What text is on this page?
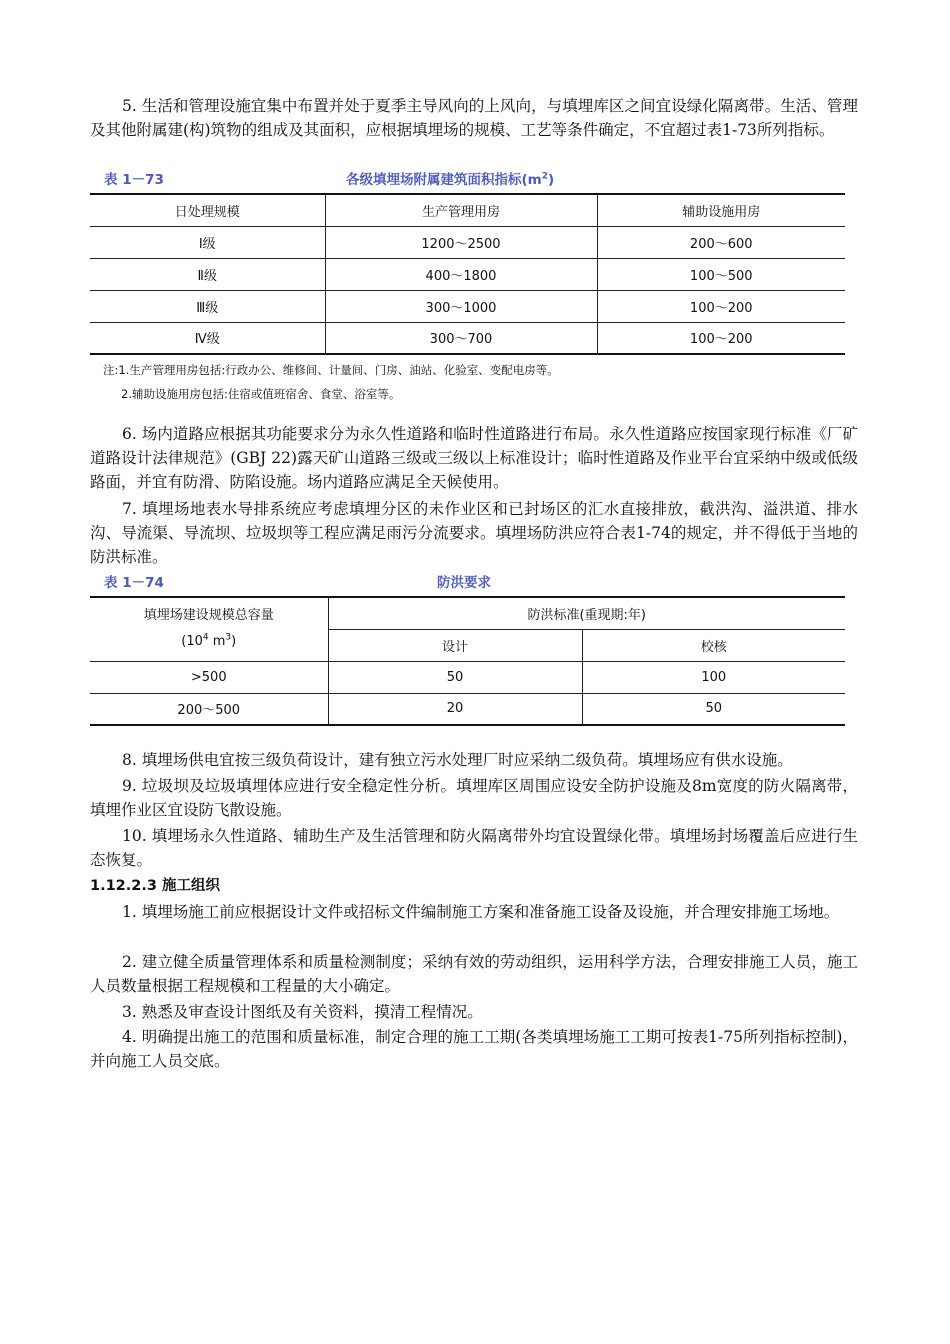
5. 生活和管理设施宜集中布置并处于夏季主导风向的上风向，与填埋库区之间宜设绿化隔离带。生活、管理及其他附属建(构)筑物的组成及其面积，应根据填埋场的规模、工艺等条件确定，不宜超过表1-73所列指标。

表 1－73	各级填埋场附属建筑面积指标$(m^2)$
日处理规模	生产管理用房	辅助设施用房
Ⅰ级	1200～2500	200～600
Ⅱ级	400～1800	100～500
Ⅲ级	300～1000	100～200
Ⅳ级	300～700	100～200
注:1.生产管理用房包括:行政办公、维修间、计量间、门房、油站、化验室、变配电房等。
2.辅助设施用房包括:住宿或值班宿舍、食堂、浴室等。

6. 场内道路应根据其功能要求分为永久性道路和临时性道路进行布局。永久性道路应按国家现行标准《厂矿道路设计法律规范》(GBJ 22)露天矿山道路三级或三级以上标准设计；临时性道路及作业平台宜采纳中级或低级路面，并宜有防滑、防陷设施。场内道路应满足全天候使用。

7. 填埋场地表水导排系统应考虑填埋分区的未作业区和已封场区的汇水直接排放，截洪沟、溢洪道、排水沟、导流渠、导流坝、垃圾坝等工程应满足雨污分流要求。填埋场防洪应符合表1-74的规定，并不得低于当地的防洪标准。

表 1－74	防洪要求
填埋场建设规模总容量
($10^4$ $m^3$)	防洪标准(重现期:年)	
	设计	校核
>500	50	100
200～500	20	50

8. 填埋场供电宜按三级负荷设计，建有独立污水处理厂时应采纳二级负荷。填埋场应有供水设施。

9. 垃圾坝及垃圾填埋体应进行安全稳定性分析。填埋库区周围应设安全防护设施及8m宽度的防火隔离带，填埋作业区宜设防飞散设施。

10. 填埋场永久性道路、辅助生产及生活管理和防火隔离带外均宜设置绿化带。填埋场封场覆盖后应进行生态恢复。

1.12.2.3 施工组织

1. 填埋场施工前应根据设计文件或招标文件编制施工方案和准备施工设备及设施，并合理安排施工场地。

2. 建立健全质量管理体系和质量检测制度；采纳有效的劳动组织，运用科学方法，合理安排施工人员，施工人员数量根据工程规模和工程量的大小确定。

3. 熟悉及审查设计图纸及有关资料，摸清工程情况。

4. 明确提出施工的范围和质量标准，制定合理的施工工期(各类填埋场施工工期可按表1-75所列指标控制)，并向施工人员交底。
